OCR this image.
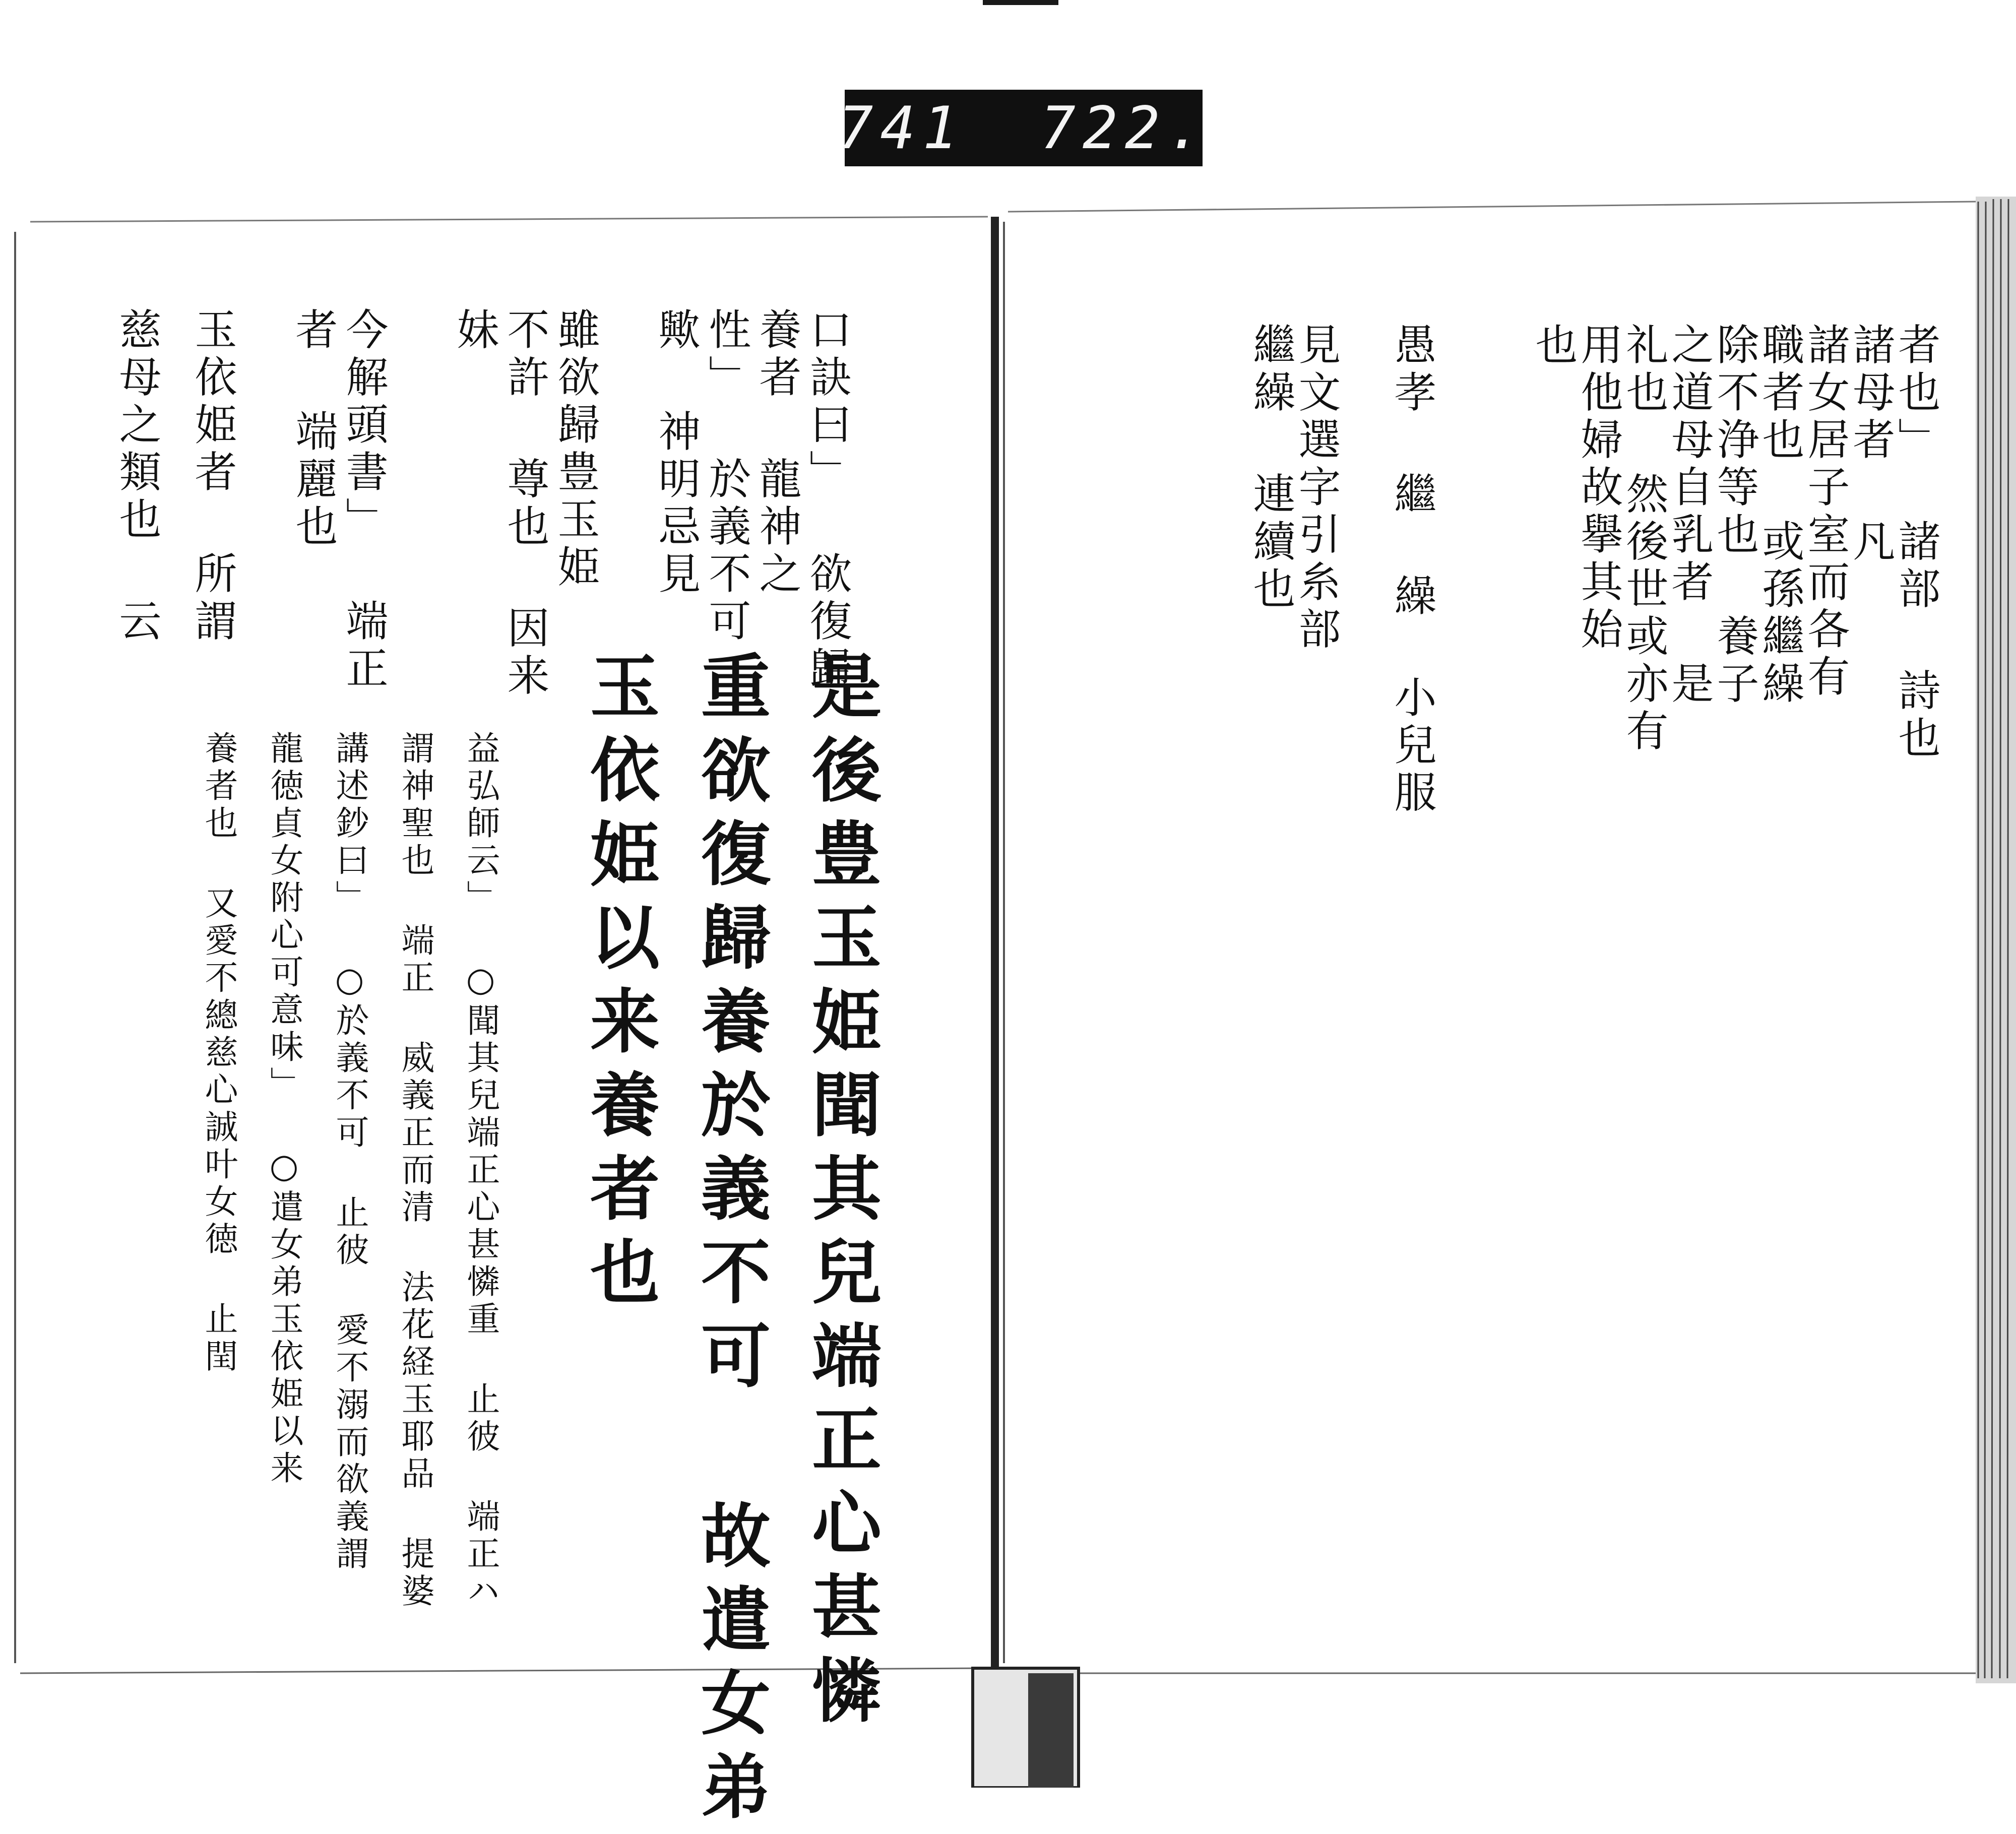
741 722.
者也」 諸部 詩也
諸母者 凡
諸女居子室而各有
職者也 或孫繼繰
除不浄等也 養子
之道母自乳者 是
礼也 然後世或亦有
用他婦故擧其始
也
愚孝 繼 繰 小兒服
見文選字引糸部
繼繰 連續也
口訣曰」 欲復歸
養者 龍神之
性」 於義不可
歟 神明忌見
雖欲歸豊玉姫
不許 尊也 因来
妹
今解頭書」 端正
者 端麗也
玉依姫者 所謂
慈母之類也 云
是後豊玉姫聞其兒端正心甚憐
重欲復歸養於義不可 故遣女弟
玉依姫以来養者也
益弘師云」 ○聞其兒端正心甚憐重 止彼 端正ハ
謂神聖也 端正 威義正而清 法花経玉耶品 提婆
講述鈔曰」 ○於義不可 止彼 愛不溺而欲義謂
龍徳貞女附心可意味」 ○遣女弟玉依姫以来
養者也 又愛不總慈心誠叶女徳 止閏
